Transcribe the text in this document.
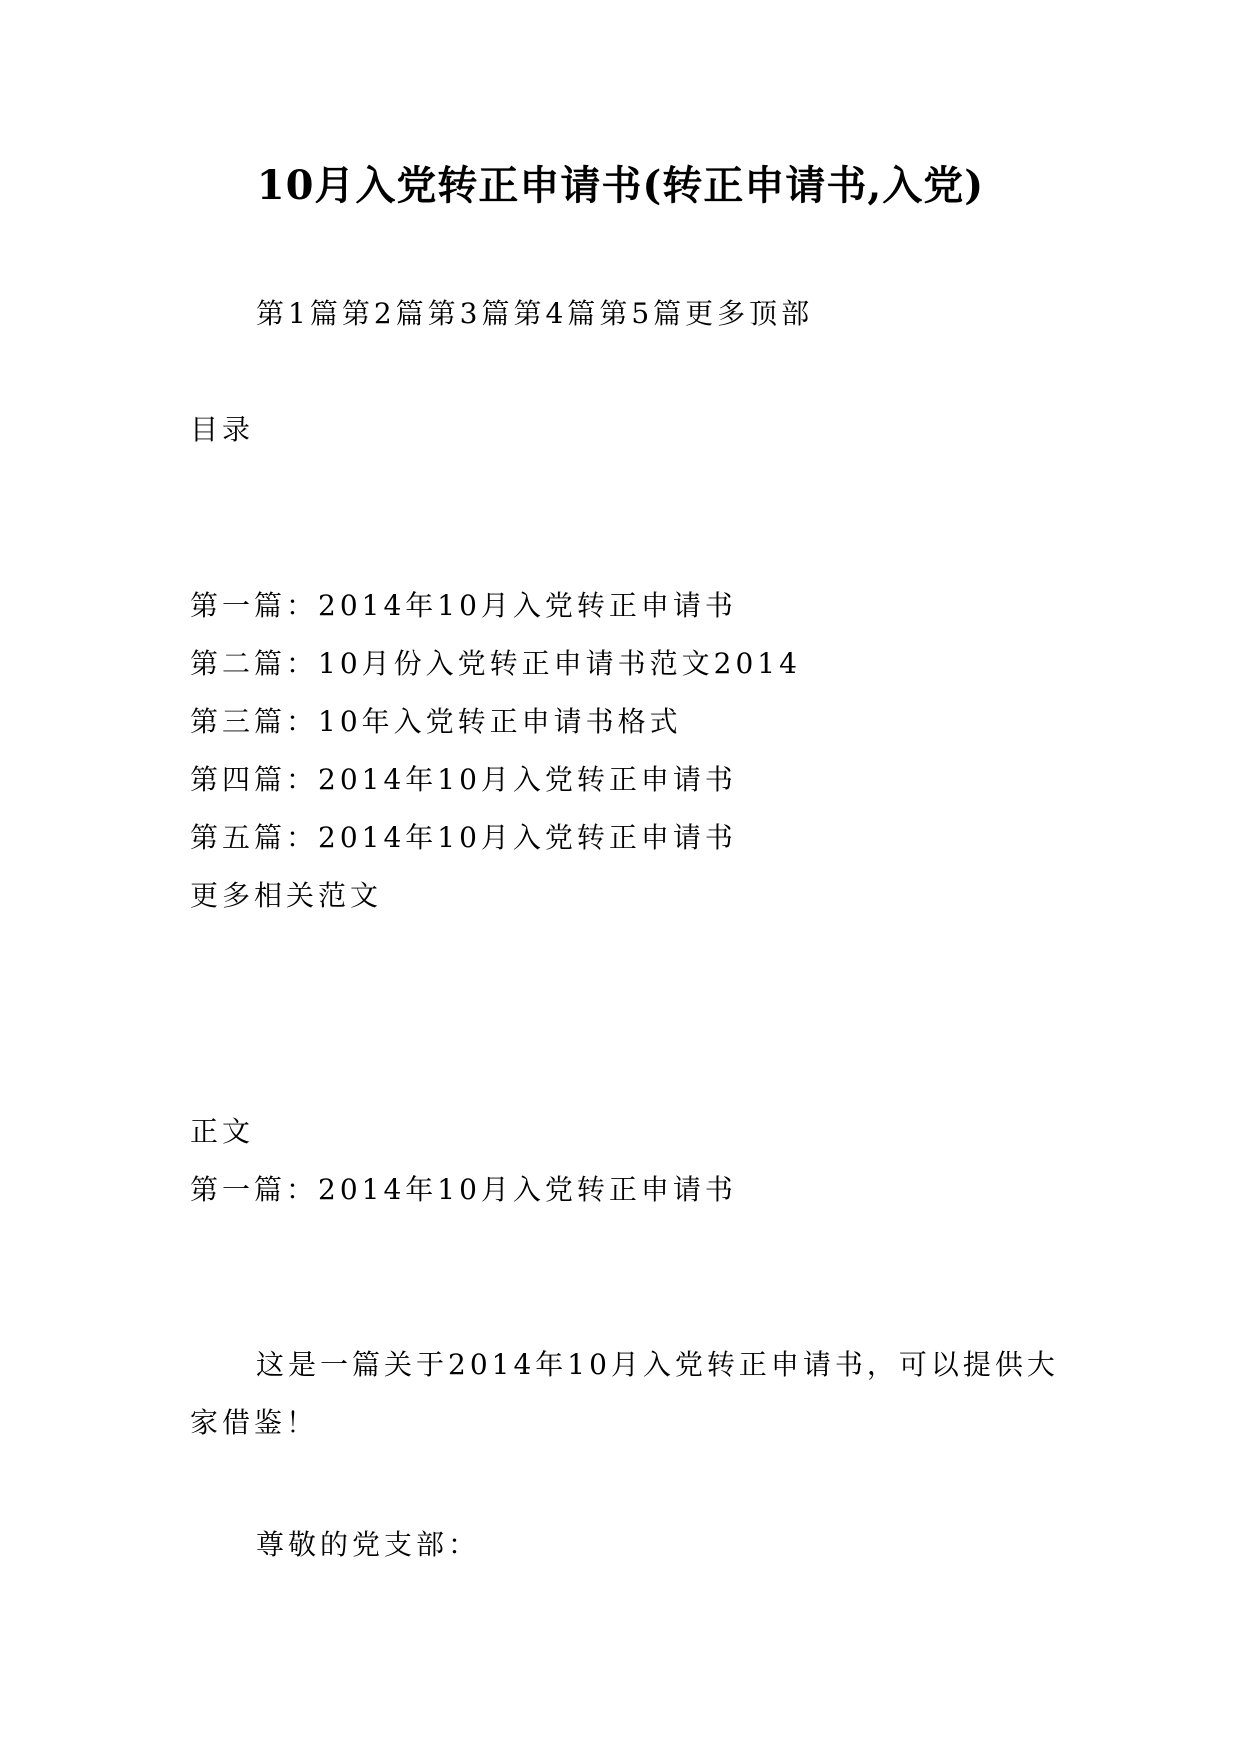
10月入党转正申请书(转正申请书,入党)
第1篇第2篇第3篇第4篇第5篇更多顶部
目录
第一篇：2014年10月入党转正申请书
第二篇：10月份入党转正申请书范文2014
第三篇：10年入党转正申请书格式
第四篇：2014年10月入党转正申请书
第五篇：2014年10月入党转正申请书
更多相关范文
正文
第一篇：2014年10月入党转正申请书
这是一篇关于2014年10月入党转正申请书，可以提供大家借鉴！
尊敬的党支部：
